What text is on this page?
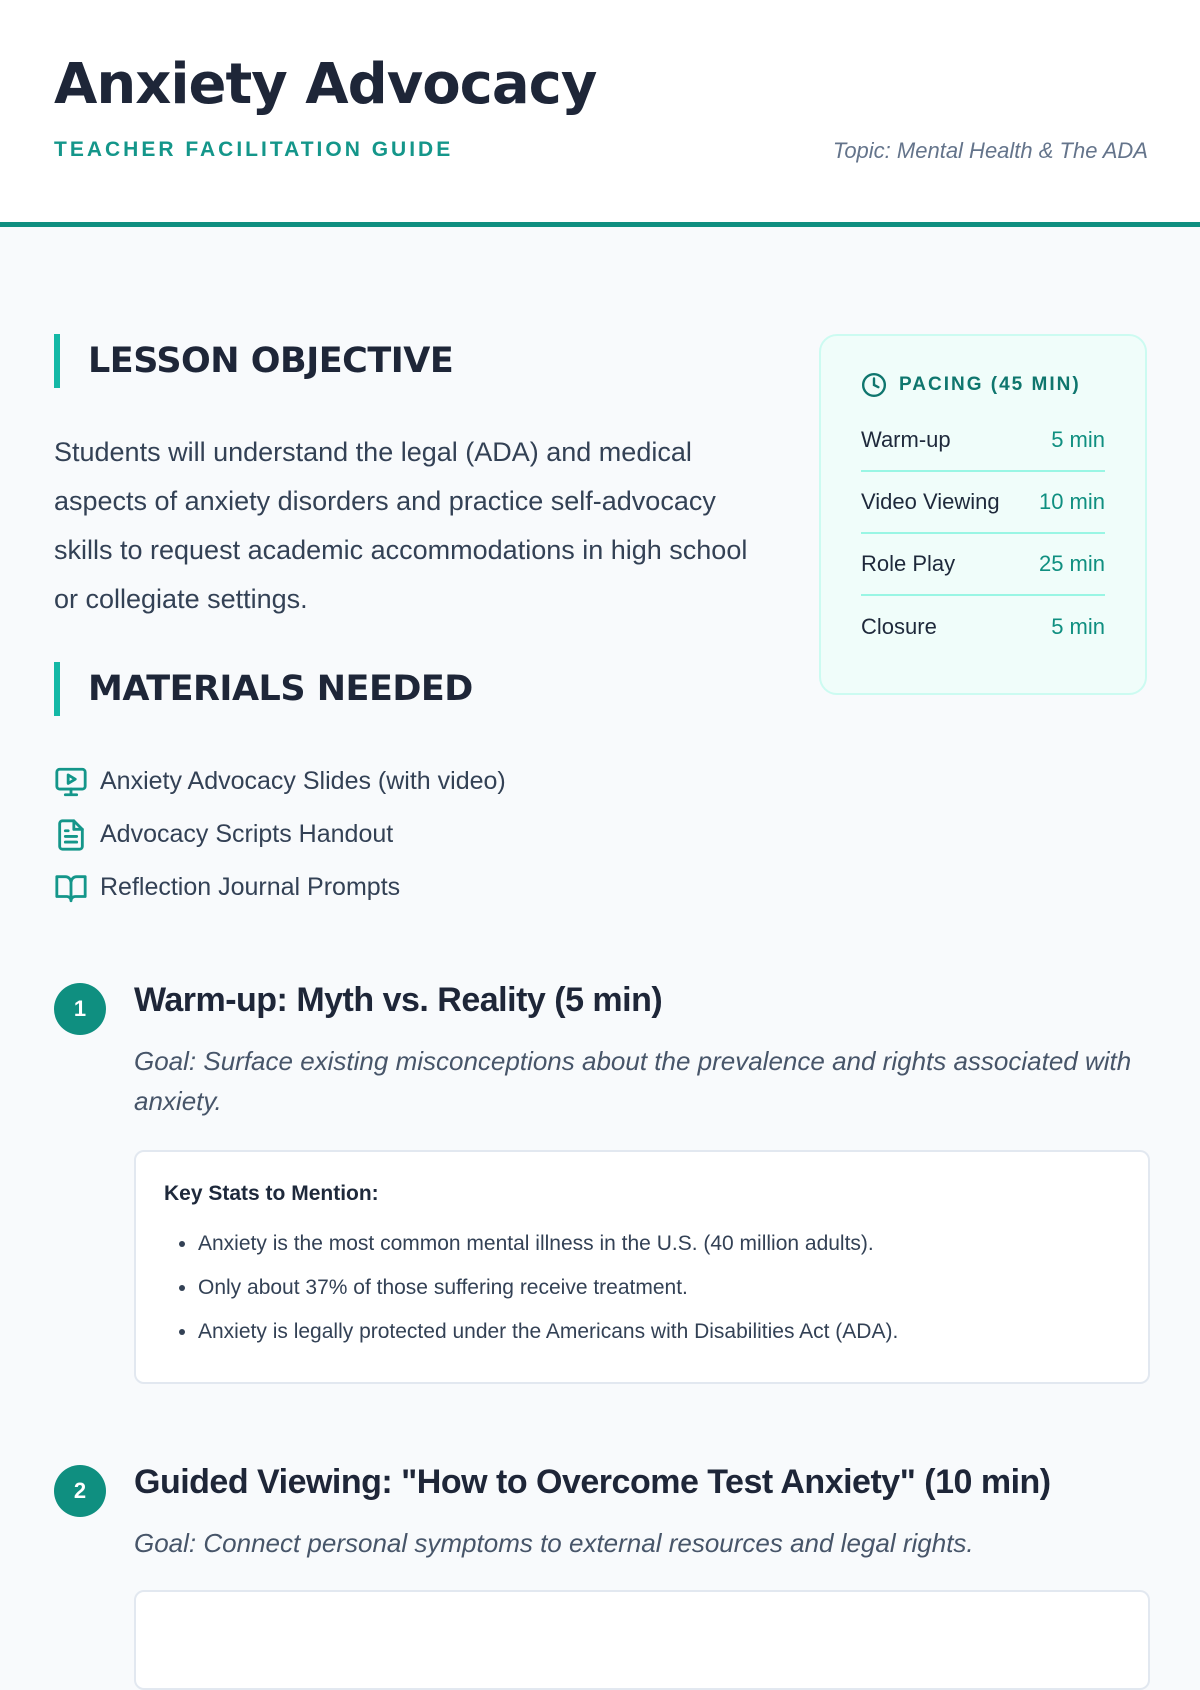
Anxiety Advocacy
TEACHER FACILITATION GUIDE	Topic: Mental Health & The ADA
LESSON OBJECTIVE

Students will understand the legal (ADA) and medical aspects of anxiety disorders and practice self-advocacy skills to request academic accommodations in high school or collegiate settings.

MATERIALS NEEDED
Anxiety Advocacy Slides (with video)
Advocacy Scripts Handout
Reflection Journal Prompts
PACING (45 MIN)
Warm-up	5 min
Video Viewing 10 min
Role Play	25 min
Closure	5 min
1	Warm-up: Myth vs. Reality (5 min)

Goal: Surface existing misconceptions about the prevalence and rights associated with anxiety.

Key Stats to Mention:
• Anxiety is the most common mental illness in the U.S. (40 million adults).
• Only about 37% of those suffering receive treatment.
• Anxiety is legally protected under the Americans with Disabilities Act (ADA).
2	Guided Viewing: "How to Overcome Test Anxiety" (10 min)

Goal: Connect personal symptoms to external resources and legal rights.
